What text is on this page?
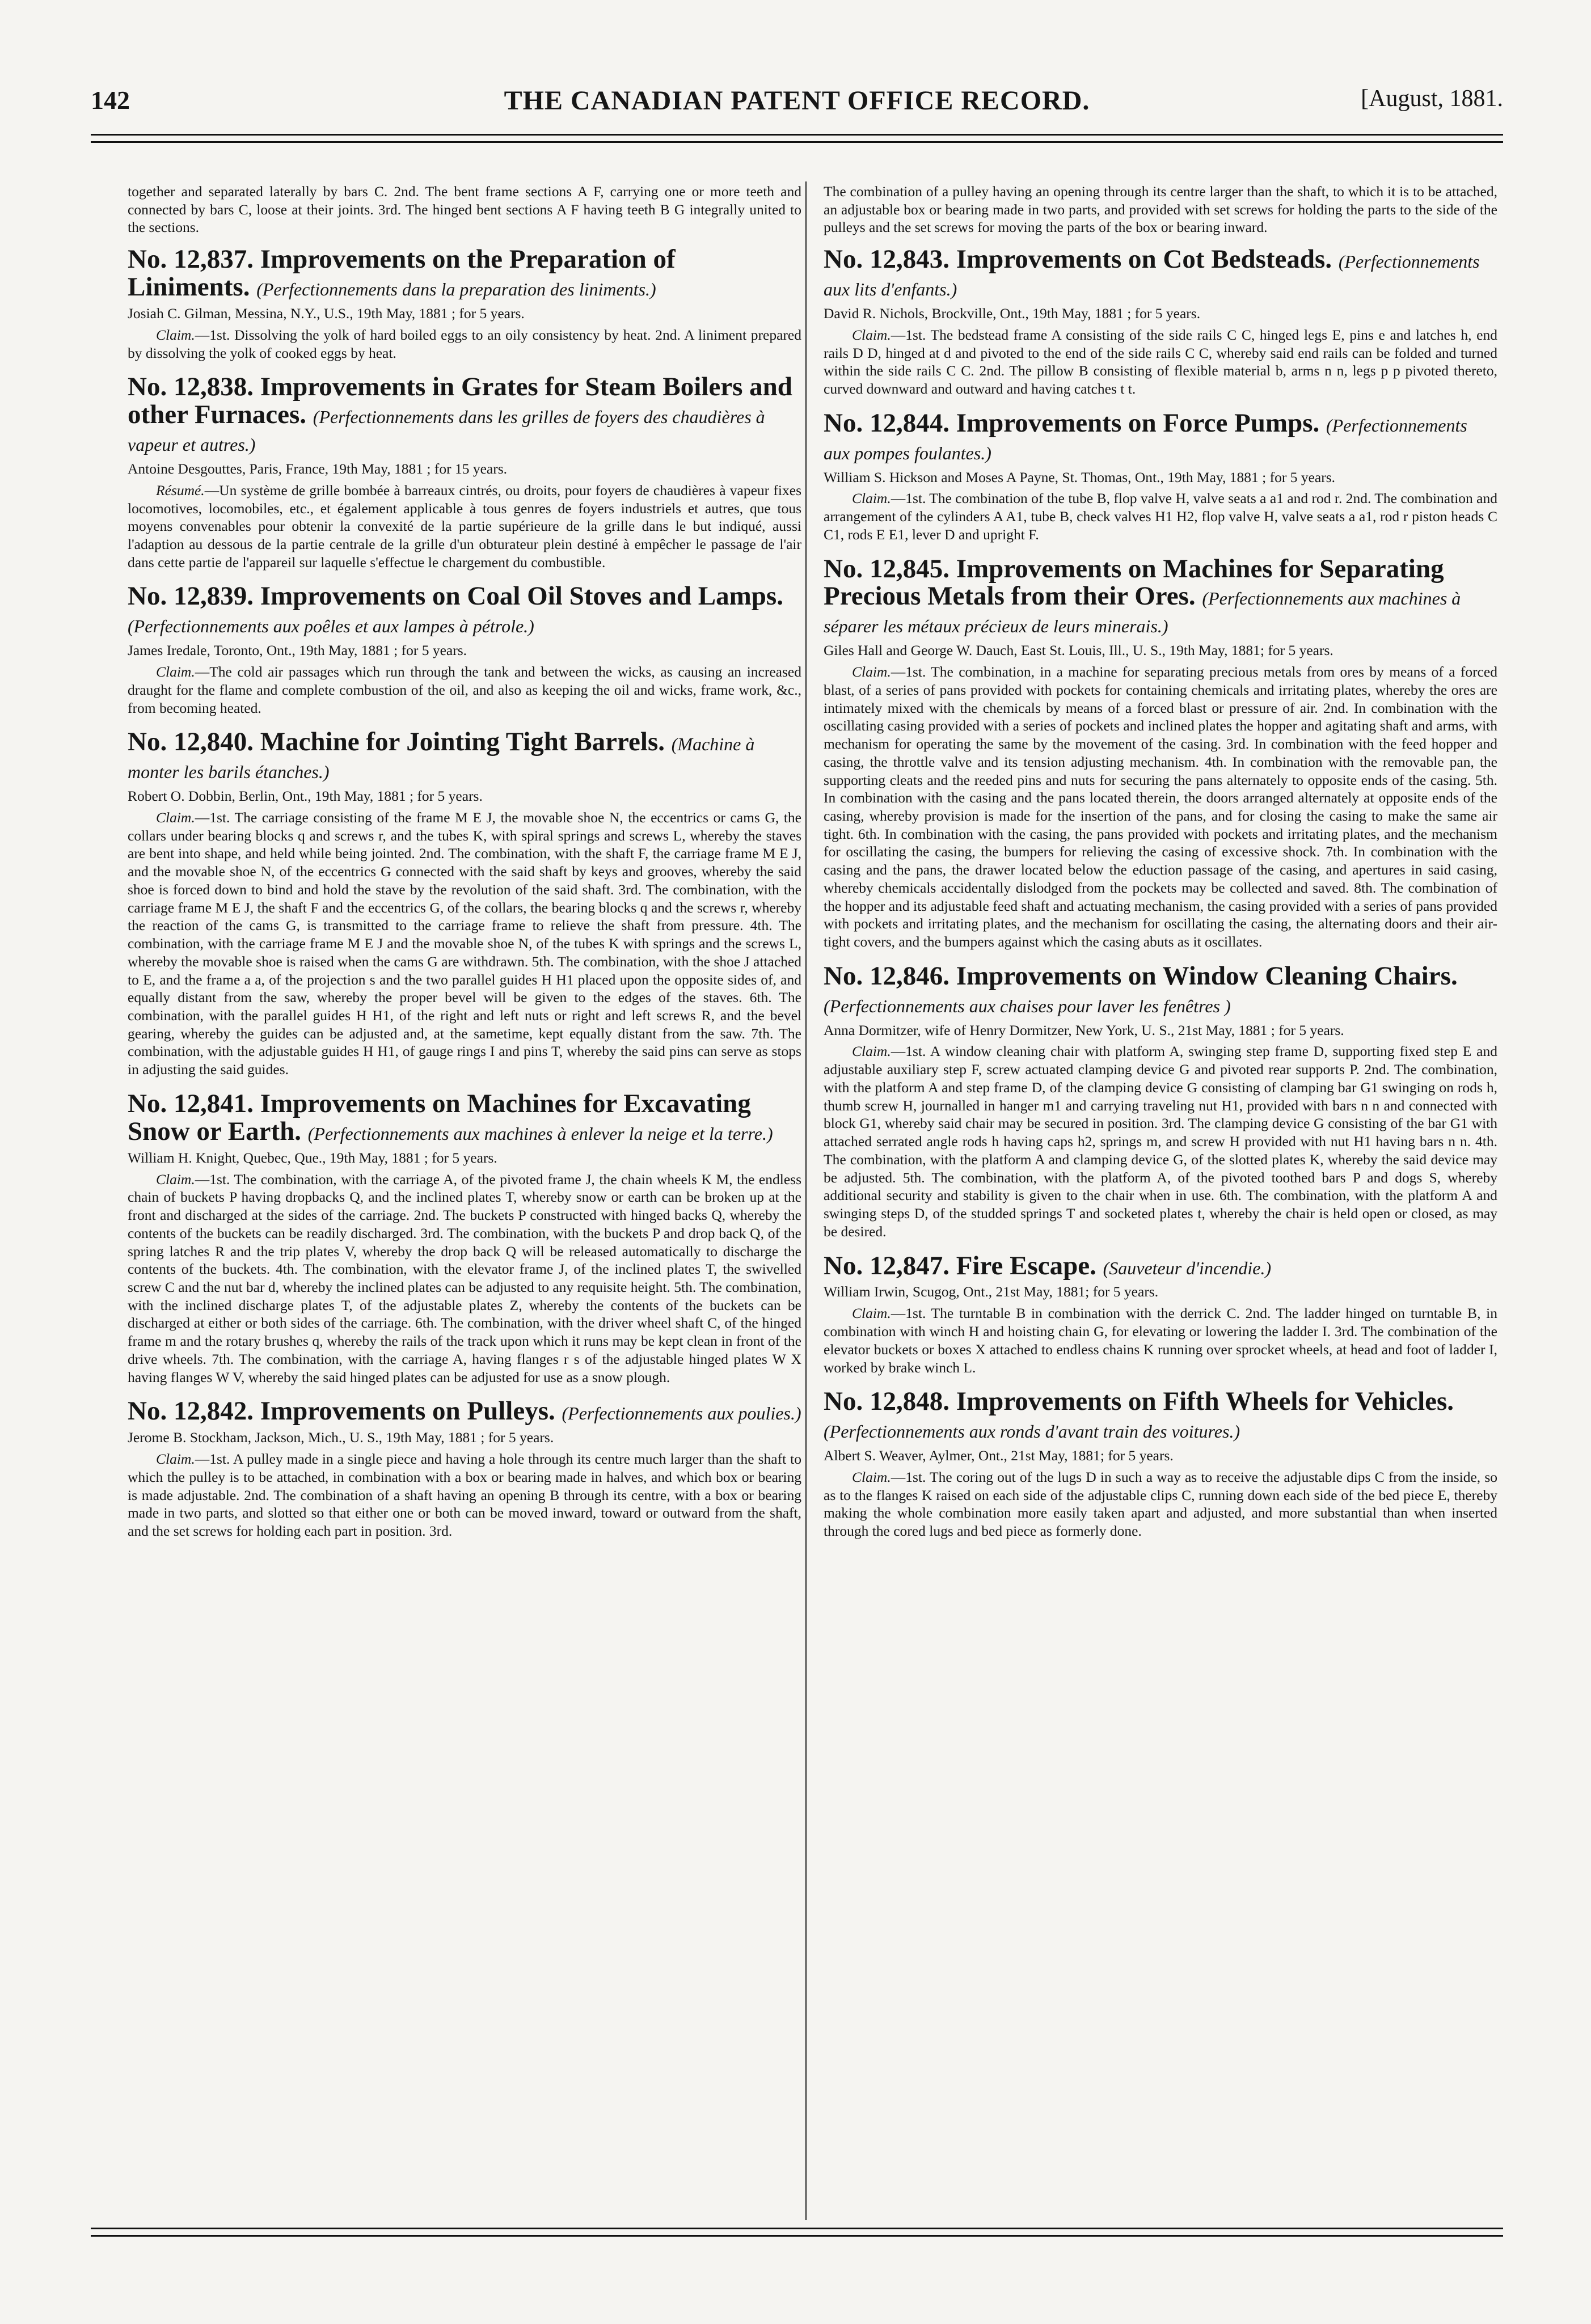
142	THE CANADIAN PATENT OFFICE RECORD.	[August, 1881.

together and separated laterally by bars C. 2nd. The bent frame sections A F, carrying one or more teeth and connected by bars C, loose at their joints. 3rd. The hinged bent sections A F having teeth B G integrally united to the sections.

No. 12,837. Improvements on the Preparation of Liniments. (Perfectionnements dans la preparation des liniments.)
Josiah C. Gilman, Messina, N.Y., U.S., 19th May, 1881 ; for 5 years.

Claim.—1st. Dissolving the yolk of hard boiled eggs to an oily consistency by heat. 2nd. A liniment prepared by dissolving the yolk of cooked eggs by heat.

No. 12,838. Improvements in Grates for Steam Boilers and other Furnaces. (Perfectionnements dans les grilles de foyers des chaudières à vapeur et autres.)
Antoine Desgouttes, Paris, France, 19th May, 1881 ; for 15 years.

Résumé.—Un système de grille bombée à barreaux cintrés, ou droits, pour foyers de chaudières à vapeur fixes locomotives, locomobiles, etc., et également applicable à tous genres de foyers industriels et autres, que tous moyens convenables pour obtenir la convexité de la partie supérieure de la grille dans le but indiqué, aussi l'adaption au dessous de la partie centrale de la grille d'un obturateur plein destiné à empêcher le passage de l'air dans cette partie de l'appareil sur laquelle s'effectue le chargement du combustible.

No. 12,839. Improvements on Coal Oil Stoves and Lamps. (Perfectionnements aux poêles et aux lampes à pétrole.)
James Iredale, Toronto, Ont., 19th May, 1881 ; for 5 years.

Claim.—The cold air passages which run through the tank and between the wicks, as causing an increased draught for the flame and complete combustion of the oil, and also as keeping the oil and wicks, frame work, &c., from becoming heated.

No. 12,840. Machine for Jointing Tight Barrels. (Machine à monter les barils étanches.)
Robert O. Dobbin, Berlin, Ont., 19th May, 1881 ; for 5 years.

Claim.—1st. The carriage consisting of the frame M E J, the movable shoe N, the eccentrics or cams G, the collars under bearing blocks q and screws r, and the tubes K, with spiral springs and screws L, whereby the staves are bent into shape, and held while being jointed. 2nd. The combination, with the shaft F, the carriage frame M E J, and the movable shoe N, of the eccentrics G connected with the said shaft by keys and grooves, whereby the said shoe is forced down to bind and hold the stave by the revolution of the said shaft. 3rd. The combination, with the carriage frame M E J, the shaft F and the eccentrics G, of the collars, the bearing blocks q and the screws r, whereby the reaction of the cams G, is transmitted to the carriage frame to relieve the shaft from pressure. 4th. The combination, with the carriage frame M E J and the movable shoe N, of the tubes K with springs and the screws L, whereby the movable shoe is raised when the cams G are withdrawn. 5th. The combination, with the shoe J attached to E, and the frame a a, of the projection s and the two parallel guides H H1 placed upon the opposite sides of, and equally distant from the saw, whereby the proper bevel will be given to the edges of the staves. 6th. The combination, with the parallel guides H H1, of the right and left nuts or right and left screws R, and the bevel gearing, whereby the guides can be adjusted and, at the sametime, kept equally distant from the saw. 7th. The combination, with the adjustable guides H H1, of gauge rings I and pins T, whereby the said pins can serve as stops in adjusting the said guides.

No. 12,841. Improvements on Machines for Excavating Snow or Earth. (Perfectionnements aux machines à enlever la neige et la terre.)
William H. Knight, Quebec, Que., 19th May, 1881 ; for 5 years.

Claim.—1st. The combination, with the carriage A, of the pivoted frame J, the chain wheels K M, the endless chain of buckets P having dropbacks Q, and the inclined plates T, whereby snow or earth can be broken up at the front and discharged at the sides of the carriage. 2nd. The buckets P constructed with hinged backs Q, whereby the contents of the buckets can be readily discharged. 3rd. The combination, with the buckets P and drop back Q, of the spring latches R and the trip plates V, whereby the drop back Q will be released automatically to discharge the contents of the buckets. 4th. The combination, with the elevator frame J, of the inclined plates T, the swivelled screw C and the nut bar d, whereby the inclined plates can be adjusted to any requisite height. 5th. The combination, with the inclined discharge plates T, of the adjustable plates Z, whereby the contents of the buckets can be discharged at either or both sides of the carriage. 6th. The combination, with the driver wheel shaft C, of the hinged frame m and the rotary brushes q, whereby the rails of the track upon which it runs may be kept clean in front of the drive wheels. 7th. The combination, with the carriage A, having flanges r s of the adjustable hinged plates W X having flanges W V, whereby the said hinged plates can be adjusted for use as a snow plough.

No. 12,842. Improvements on Pulleys. (Perfectionnements aux poulies.)
Jerome B. Stockham, Jackson, Mich., U. S., 19th May, 1881 ; for 5 years.

Claim.—1st. A pulley made in a single piece and having a hole through its centre much larger than the shaft to which the pulley is to be attached, in combination with a box or bearing made in halves, and which box or bearing is made adjustable. 2nd. The combination of a shaft having an opening B through its centre, with a box or bearing made in two parts, and slotted so that either one or both can be moved inward, toward or outward from the shaft, and the set screws for holding each part in position. 3rd.

The combination of a pulley having an opening through its centre larger than the shaft, to which it is to be attached, an adjustable box or bearing made in two parts, and provided with set screws for holding the parts to the side of the pulleys and the set screws for moving the parts of the box or bearing inward.

No. 12,843. Improvements on Cot Bedsteads. (Perfectionnements aux lits d'enfants.)
David R. Nichols, Brockville, Ont., 19th May, 1881 ; for 5 years.

Claim.—1st. The bedstead frame A consisting of the side rails C C, hinged legs E, pins e and latches h, end rails D D, hinged at d and pivoted to the end of the side rails C C, whereby said end rails can be folded and turned within the side rails C C. 2nd. The pillow B consisting of flexible material b, arms n n, legs p p pivoted thereto, curved downward and outward and having catches t t.

No. 12,844. Improvements on Force Pumps. (Perfectionnements aux pompes foulantes.)
William S. Hickson and Moses A Payne, St. Thomas, Ont., 19th May, 1881 ; for 5 years.

Claim.—1st. The combination of the tube B, flop valve H, valve seats a a1 and rod r. 2nd. The combination and arrangement of the cylinders A A1, tube B, check valves H1 H2, flop valve H, valve seats a a1, rod r piston heads C C1, rods E E1, lever D and upright F.

No. 12,845. Improvements on Machines for Separating Precious Metals from their Ores. (Perfectionnements aux machines à séparer les métaux précieux de leurs minerais.)
Giles Hall and George W. Dauch, East St. Louis, Ill., U. S., 19th May, 1881; for 5 years.

Claim.—1st. The combination, in a machine for separating precious metals from ores by means of a forced blast, of a series of pans provided with pockets for containing chemicals and irritating plates, whereby the ores are intimately mixed with the chemicals by means of a forced blast or pressure of air. 2nd. In combination with the oscillating casing provided with a series of pockets and inclined plates the hopper and agitating shaft and arms, with mechanism for operating the same by the movement of the casing. 3rd. In combination with the feed hopper and casing, the throttle valve and its tension adjusting mechanism. 4th. In combination with the removable pan, the supporting cleats and the reeded pins and nuts for securing the pans alternately to opposite ends of the casing. 5th. In combination with the casing and the pans located therein, the doors arranged alternately at opposite ends of the casing, whereby provision is made for the insertion of the pans, and for closing the casing to make the same air tight. 6th. In combination with the casing, the pans provided with pockets and irritating plates, and the mechanism for oscillating the casing, the bumpers for relieving the casing of excessive shock. 7th. In combination with the casing and the pans, the drawer located below the eduction passage of the casing, and apertures in said casing, whereby chemicals accidentally dislodged from the pockets may be collected and saved. 8th. The combination of the hopper and its adjustable feed shaft and actuating mechanism, the casing provided with a series of pans provided with pockets and irritating plates, and the mechanism for oscillating the casing, the alternating doors and their air-tight covers, and the bumpers against which the casing abuts as it oscillates.

No. 12,846. Improvements on Window Cleaning Chairs. (Perfectionnements aux chaises pour laver les fenêtres )
Anna Dormitzer, wife of Henry Dormitzer, New York, U. S., 21st May, 1881 ; for 5 years.

Claim.—1st. A window cleaning chair with platform A, swinging step frame D, supporting fixed step E and adjustable auxiliary step F, screw actuated clamping device G and pivoted rear supports P. 2nd. The combination, with the platform A and step frame D, of the clamping device G consisting of clamping bar G1 swinging on rods h, thumb screw H, journalled in hanger m1 and carrying traveling nut H1, provided with bars n n and connected with block G1, whereby said chair may be secured in position. 3rd. The clamping device G consisting of the bar G1 with attached serrated angle rods h having caps h2, springs m, and screw H provided with nut H1 having bars n n. 4th. The combination, with the platform A and clamping device G, of the slotted plates K, whereby the said device may be adjusted. 5th. The combination, with the platform A, of the pivoted toothed bars P and dogs S, whereby additional security and stability is given to the chair when in use. 6th. The combination, with the platform A and swinging steps D, of the studded springs T and socketed plates t, whereby the chair is held open or closed, as may be desired.

No. 12,847. Fire Escape. (Sauveteur d'incendie.)
William Irwin, Scugog, Ont., 21st May, 1881; for 5 years.

Claim.—1st. The turntable B in combination with the derrick C. 2nd. The ladder hinged on turntable B, in combination with winch H and hoisting chain G, for elevating or lowering the ladder I. 3rd. The combination of the elevator buckets or boxes X attached to endless chains K running over sprocket wheels, at head and foot of ladder I, worked by brake winch L.

No. 12,848. Improvements on Fifth Wheels for Vehicles. (Perfectionnements aux ronds d'avant train des voitures.)
Albert S. Weaver, Aylmer, Ont., 21st May, 1881; for 5 years.

Claim.—1st. The coring out of the lugs D in such a way as to receive the adjustable dips C from the inside, so as to the flanges K raised on each side of the adjustable clips C, running down each side of the bed piece E, thereby making the whole combination more easily taken apart and adjusted, and more substantial than when inserted through the cored lugs and bed piece as formerly done.
